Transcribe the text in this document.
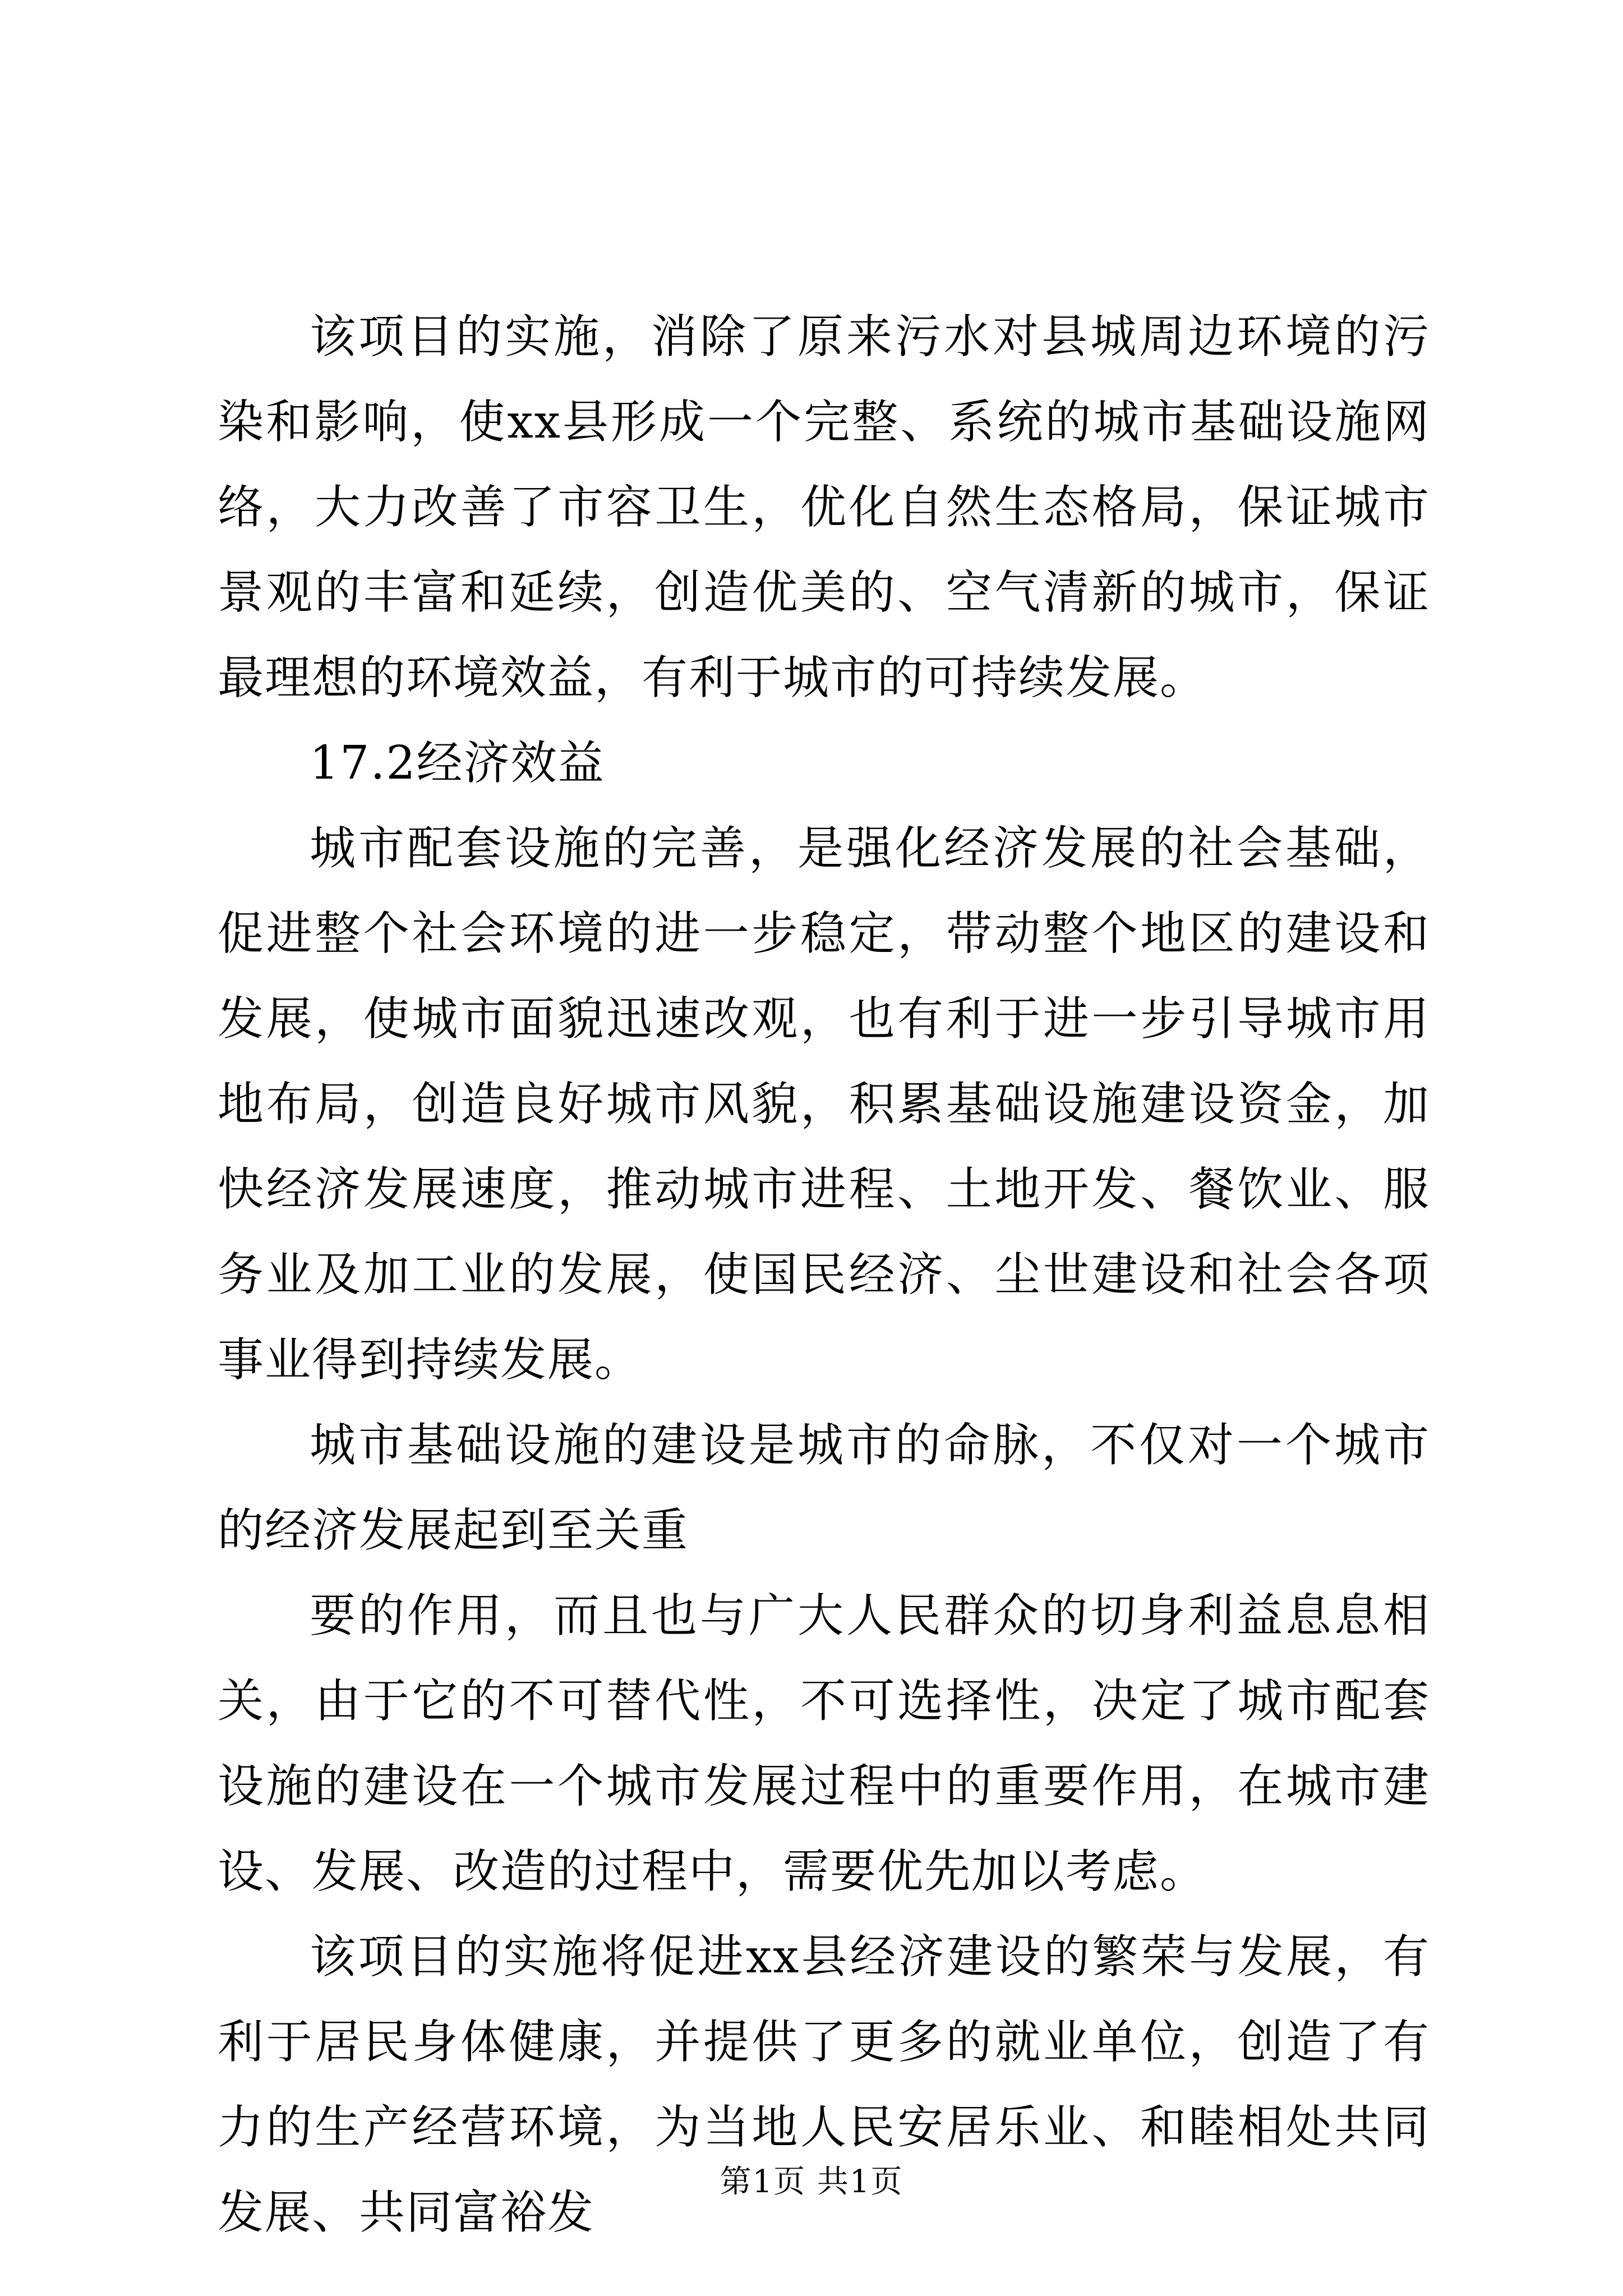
该项目的实施，消除了原来污水对县城周边环境的污染和影响，使xx县形成一个完整、系统的城市基础设施网络，大力改善了市容卫生，优化自然生态格局，保证城市景观的丰富和延续，创造优美的、空气清新的城市，保证最理想的环境效益，有利于城市的可持续发展。

17.2经济效益

城市配套设施的完善，是强化经济发展的社会基础，促进整个社会环境的进一步稳定，带动整个地区的建设和发展，使城市面貌迅速改观，也有利于进一步引导城市用地布局，创造良好城市风貌，积累基础设施建设资金，加快经济发展速度，推动城市进程、土地开发、餐饮业、服务业及加工业的发展，使国民经济、尘世建设和社会各项事业得到持续发展。

城市基础设施的建设是城市的命脉，不仅对一个城市的经济发展起到至关重

要的作用，而且也与广大人民群众的切身利益息息相关，由于它的不可替代性，不可选择性，决定了城市配套设施的建设在一个城市发展过程中的重要作用，在城市建设、发展、改造的过程中，需要优先加以考虑。

该项目的实施将促进xx县经济建设的繁荣与发展，有利于居民身体健康，并提供了更多的就业单位，创造了有力的生产经营环境，为当地人民安居乐业、和睦相处共同发展、共同富裕发

第1页 共1页
